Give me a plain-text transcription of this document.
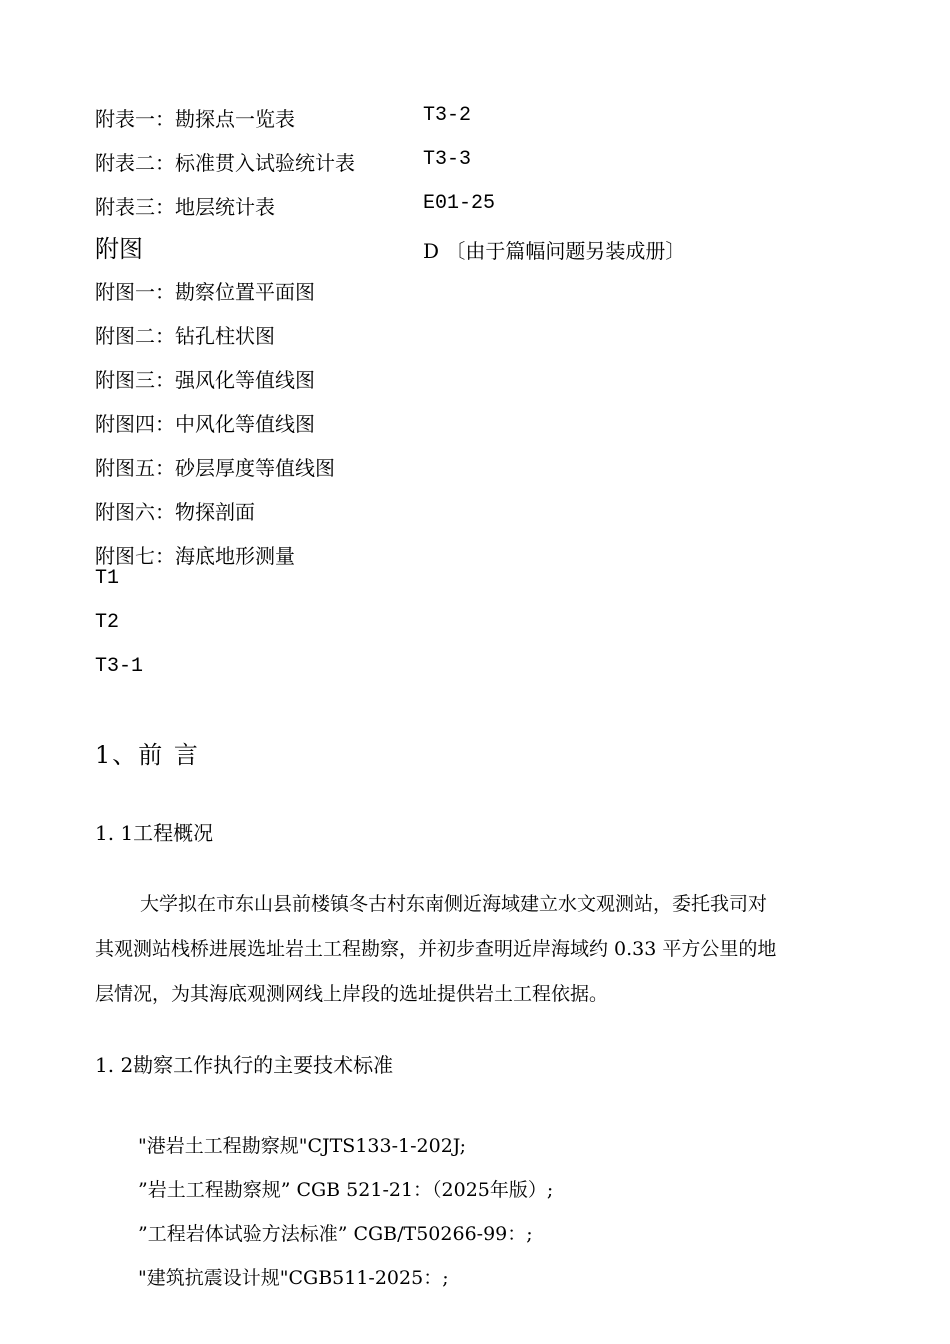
附表一：勘探点一览表	T3-2
附表二：标准贯入试验统计表	T3-3
附表三：地层统计表	E01-25
附图	D 〔由于篇幅问题另装成册〕
附图一：勘察位置平面图
附图二：钻孔柱状图
附图三：强风化等值线图
附图四：中风化等值线图
附图五：砂层厚度等值线图
附图六：物探剖面
附图七：海底地形测量
T1
T2
T3-1
1、前 言
1. 1工程概况
大学拟在市东山县前楼镇冬古村东南侧近海域建立水文观测站，委托我司对
其观测站栈桥进展选址岩土工程勘察，并初步查明近岸海域约 0.33 平方公里的地
层情况，为其海底观测网线上岸段的选址提供岩土工程依据。
1. 2勘察工作执行的主要技术标准
"港岩土工程勘察规"CJTS133-1-202J;
”岩土工程勘察规” CGB 521-21：（2025年版）;
”工程岩体试验方法标准” CGB/T50266-99：;
"建筑抗震设计规"CGB511-2025：;
